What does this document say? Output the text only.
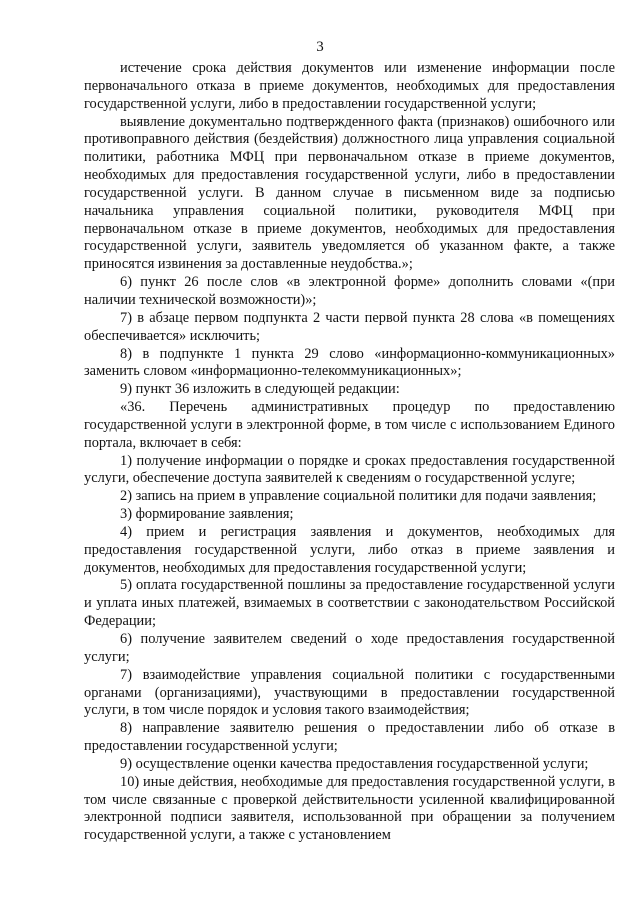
3

истечение срока действия документов или изменение информации после первоначального отказа в приеме документов, необходимых для предоставления государственной услуги, либо в предоставлении государственной услуги;

выявление документально подтвержденного факта (признаков) ошибочного или противоправного действия (бездействия) должностного лица управления социальной политики, работника МФЦ при первоначальном отказе в приеме документов, необходимых для предоставления государственной услуги, либо в предоставлении государственной услуги. В данном случае в письменном виде за подписью начальника управления социальной политики, руководителя МФЦ при первоначальном отказе в приеме документов, необходимых для предоставления государственной услуги, заявитель уведомляется об указанном факте, а также приносятся извинения за доставленные неудобства.»;

6) пункт 26 после слов «в электронной форме» дополнить словами «(при наличии технической возможности)»;

7) в абзаце первом подпункта 2 части первой пункта 28 слова «в помещениях обеспечивается» исключить;

8) в подпункте 1 пункта 29 слово «информационно-коммуникационных» заменить словом «информационно-телекоммуникационных»;

9) пункт 36 изложить в следующей редакции:

«36. Перечень административных процедур по предоставлению государственной услуги в электронной форме, в том числе с использованием Единого портала, включает в себя:

1) получение информации о порядке и сроках предоставления государственной услуги, обеспечение доступа заявителей к сведениям о государственной услуге;

2) запись на прием в управление социальной политики для подачи заявления;

3) формирование заявления;

4) прием и регистрация заявления и документов, необходимых для предоставления государственной услуги, либо отказ в приеме заявления и документов, необходимых для предоставления государственной услуги;

5) оплата государственной пошлины за предоставление государственной услуги и уплата иных платежей, взимаемых в соответствии с законодательством Российской Федерации;

6) получение заявителем сведений о ходе предоставления государственной услуги;

7) взаимодействие управления социальной политики с государственными органами (организациями), участвующими в предоставлении государственной услуги, в том числе порядок и условия такого взаимодействия;

8) направление заявителю решения о предоставлении либо об отказе в предоставлении государственной услуги;

9) осуществление оценки качества предоставления государственной услуги;

10) иные действия, необходимые для предоставления государственной услуги, в том числе связанные с проверкой действительности усиленной квалифицированной электронной подписи заявителя, использованной при обращении за получением государственной услуги, а также с установлением
